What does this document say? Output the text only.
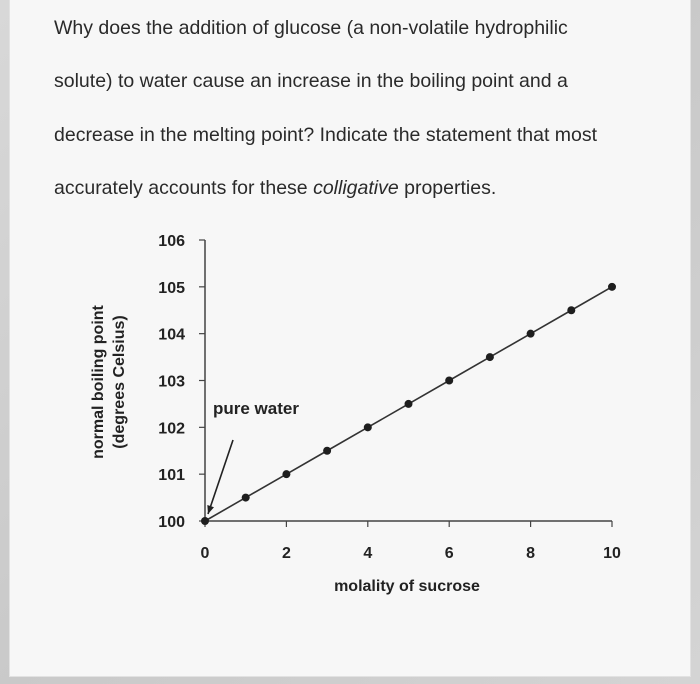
Why does the addition of glucose (a non-volatile hydrophilic
solute) to water cause an increase in the boiling point and a
decrease in the melting point? Indicate the statement that most
accurately accounts for these colligative properties.
100
101
102
103
104
105
106
0	2	4	6	8	10
pure water
molality of sucrose
normal boiling point (degrees Celsius)
